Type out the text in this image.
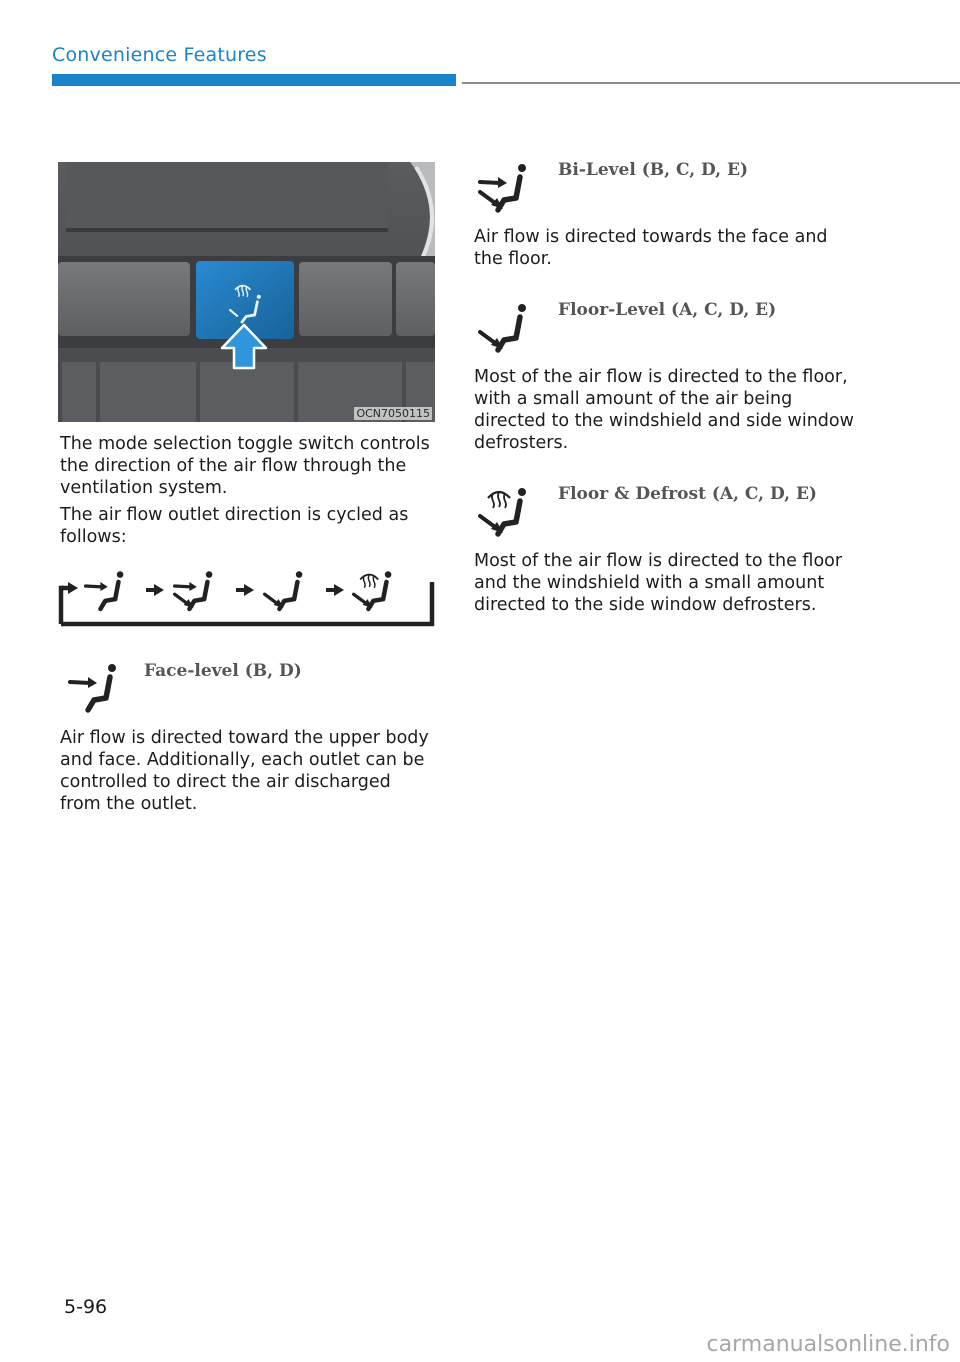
Convenience Features
OCN7050115
The mode selection toggle switch controls the direction of the air flow through the ventilation system.
The air flow outlet direction is cycled as follows:
Face-level (B, D)
Air flow is directed toward the upper body and face. Additionally, each outlet can be controlled to direct the air discharged from the outlet.
Bi-Level (B, C, D, E)
Air flow is directed towards the face and the floor.
Floor-Level (A, C, D, E)
Most of the air flow is directed to the floor, with a small amount of the air being directed to the windshield and side window defrosters.
Floor & Defrost (A, C, D, E)
Most of the air flow is directed to the floor and the windshield with a small amount directed to the side window defrosters.
5-96
carmanualsonline.info
